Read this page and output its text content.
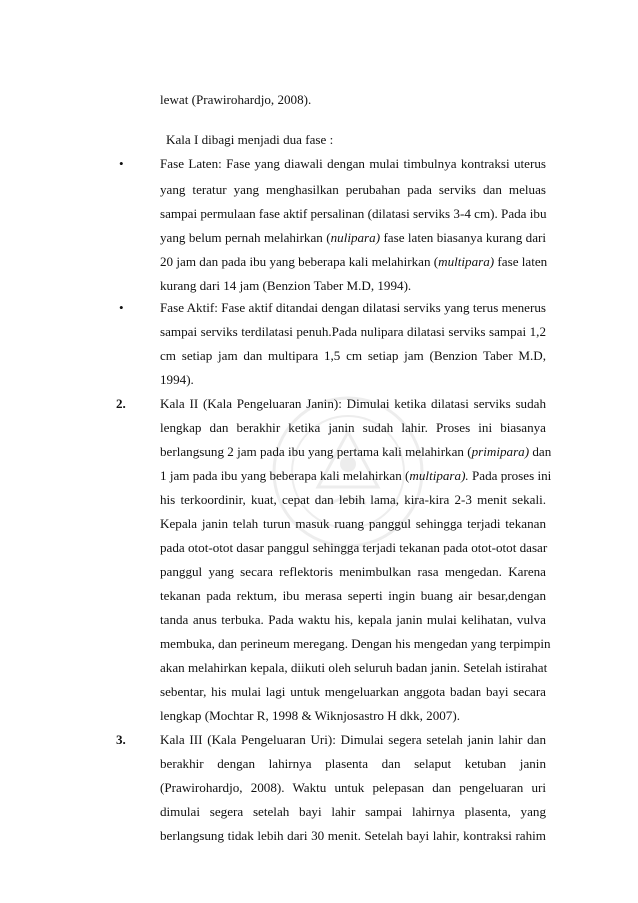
lewat (Prawirohardjo, 2008).
Kala I dibagi menjadi dua fase :
•	Fase Laten: Fase yang diawali dengan mulai timbulnya kontraksi uterus
yang teratur yang menghasilkan perubahan pada serviks dan meluas
sampai permulaan fase aktif persalinan (dilatasi serviks 3-4 cm). Pada ibu
yang belum pernah melahirkan (nulipara) fase laten biasanya kurang dari
20 jam dan pada ibu yang beberapa kali melahirkan (multipara) fase laten
kurang dari 14 jam (Benzion Taber M.D, 1994).
•	Fase Aktif: Fase aktif ditandai dengan dilatasi serviks yang terus menerus
sampai serviks terdilatasi penuh.Pada nulipara dilatasi serviks sampai 1,2
cm setiap jam dan multipara 1,5 cm setiap jam (Benzion Taber M.D,
1994).
2.	Kala II (Kala Pengeluaran Janin): Dimulai ketika dilatasi serviks sudah
lengkap dan berakhir ketika janin sudah lahir. Proses ini biasanya
berlangsung 2 jam pada ibu yang pertama kali melahirkan (primipara) dan
1 jam pada ibu yang beberapa kali melahirkan (multipara). Pada proses ini
his terkoordinir, kuat, cepat dan lebih lama, kira-kira 2-3 menit sekali.
Kepala janin telah turun masuk ruang panggul sehingga terjadi tekanan
pada otot-otot dasar panggul sehingga terjadi tekanan pada otot-otot dasar
panggul yang secara reflektoris menimbulkan rasa mengedan. Karena
tekanan pada rektum, ibu merasa seperti ingin buang air besar,dengan
tanda anus terbuka. Pada waktu his, kepala janin mulai kelihatan, vulva
membuka, dan perineum meregang. Dengan his mengedan yang terpimpin
akan melahirkan kepala, diikuti oleh seluruh badan janin. Setelah istirahat
sebentar, his mulai lagi untuk mengeluarkan anggota badan bayi secara
lengkap (Mochtar R, 1998 & Wiknjosastro H dkk, 2007).
3.	Kala III (Kala Pengeluaran Uri): Dimulai segera setelah janin lahir dan
berakhir dengan lahirnya plasenta dan selaput ketuban janin
(Prawirohardjo, 2008). Waktu untuk pelepasan dan pengeluaran uri
dimulai segera setelah bayi lahir sampai lahirnya plasenta, yang
berlangsung tidak lebih dari 30 menit. Setelah bayi lahir, kontraksi rahim
